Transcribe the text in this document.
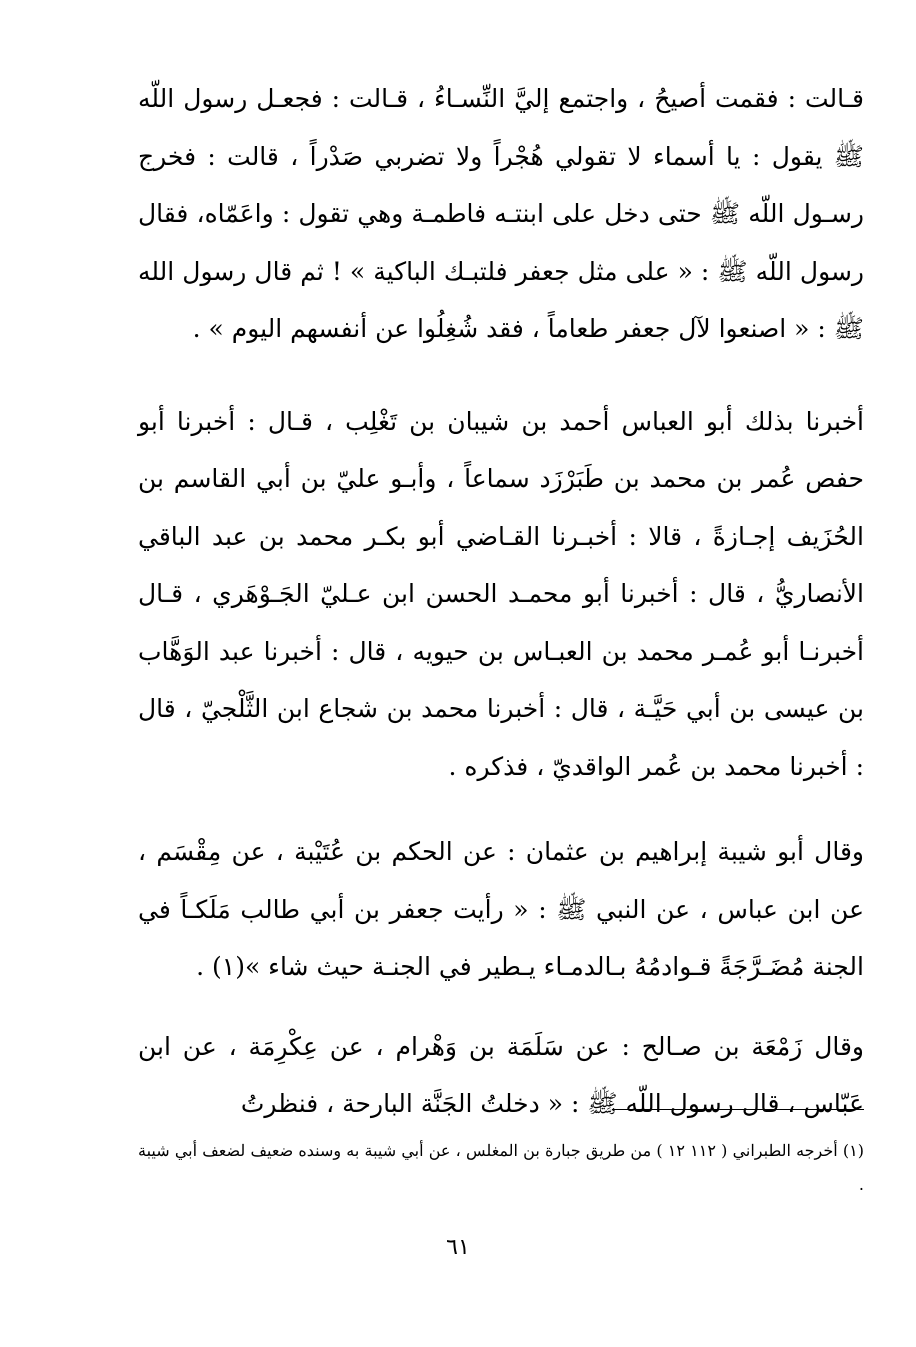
قـالت : فقمت أصيحُ ، واجتمع إليَّ النِّسـاءُ ، قـالت : فجعـل رسول اللّه ﷺ يقول : يا أسماء لا تقولي هُجْراً ولا تضربي صَدْراً ، قالت : فخرج رسـول اللّه ﷺ حتى دخل على ابنتـه فاطمـة وهي تقول : واعَمّاه، فقال رسول اللّه ﷺ : « على مثل جعفر فلتبـك الباكية » ! ثم قال رسول الله ﷺ : « اصنعوا لآل جعفر طعاماً ، فقد شُغِلُوا عن أنفسهم اليوم » .

أخبرنا بذلك أبو العباس أحمد بن شيبان بن تَغْلِب ، قـال : أخبرنا أبو حفص عُمر بن محمد بن طَبَرْزَد سماعاً ، وأبـو عليّ بن أبي القاسم بن الحُزَيف إجـازةً ، قالا : أخبـرنا القـاضي أبو بكـر محمد بن عبد الباقي الأنصاريُّ ، قال : أخبرنا أبو محمـد الحسن ابن عـليّ الجَـوْهَري ، قـال أخبرنـا أبو عُمـر محمد بن العبـاس بن حيويه ، قال : أخبرنا عبد الوَهَّاب بن عيسى بن أبي حَيَّـة ، قال : أخبرنا محمد بن شجاع ابن الثَّلْجيّ ، قال : أخبرنا محمد بن عُمر الواقديّ ، فذكره .

وقال أبو شيبة إبراهيم بن عثمان : عن الحكم بن عُتَيْبة ، عن مِقْسَم ، عن ابن عباس ، عن النبي ﷺ : « رأيت جعفر بن أبي طالب مَلَكـاً في الجنة مُضَـرَّجَةً قـوادمُهُ بـالدمـاء يـطير في الجنـة حيث شاء »(١) .

وقال زَمْعَة بن صـالح : عن سَلَمَة بن وَهْرام ، عن عِكْرِمَة ، عن ابن عَبّاس ، قال رسول اللّه ﷺ : « دخلتُ الجَنَّة البارحة ، فنظرتُ

(١) أخرجه الطبراني ( ١١٢ ١٢ ) من طريق جبارة بن المغلس ، عن أبي شيبة به وسنده ضعيف لضعف أبي شيبة .

٦١
